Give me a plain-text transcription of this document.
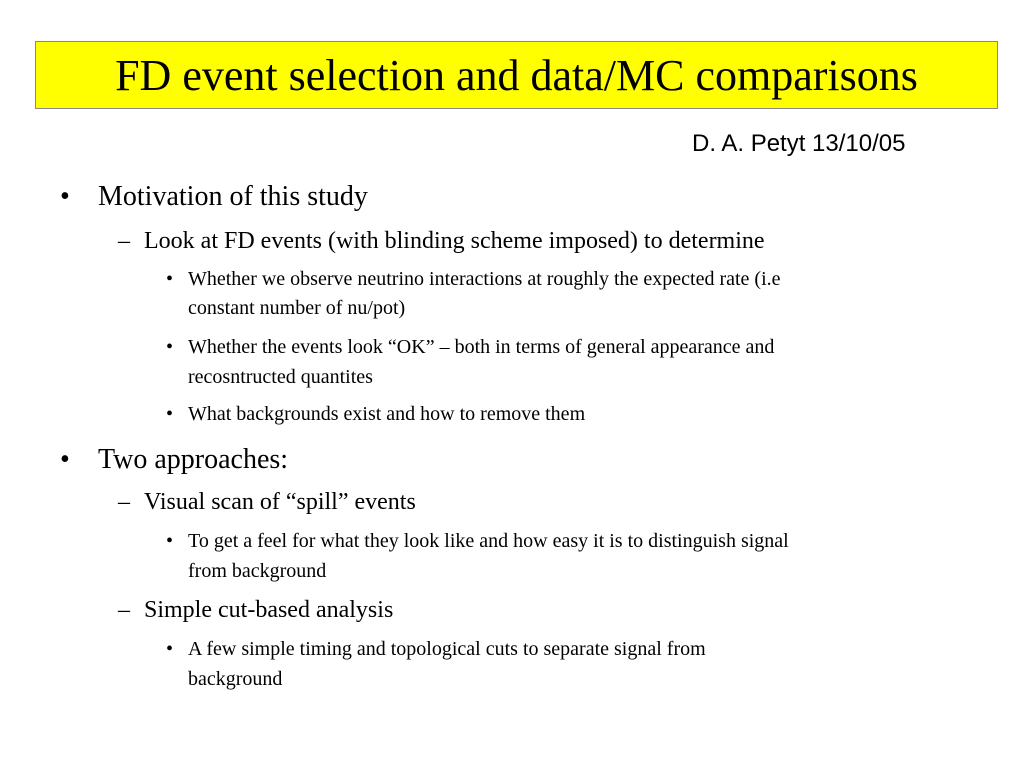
FD event selection and data/MC comparisons
D. A. Petyt 13/10/05
• Motivation of this study
– Look at FD events (with blinding scheme imposed) to determine
• Whether we observe neutrino interactions at roughly the expected rate (i.e
constant number of nu/pot)
• Whether the events look “OK” – both in terms of general appearance and
recosntructed quantites
• What backgrounds exist and how to remove them
• Two approaches:
– Visual scan of “spill” events
• To get a feel for what they look like and how easy it is to distinguish signal
from background
– Simple cut-based analysis
• A few simple timing and topological cuts to separate signal from
background
